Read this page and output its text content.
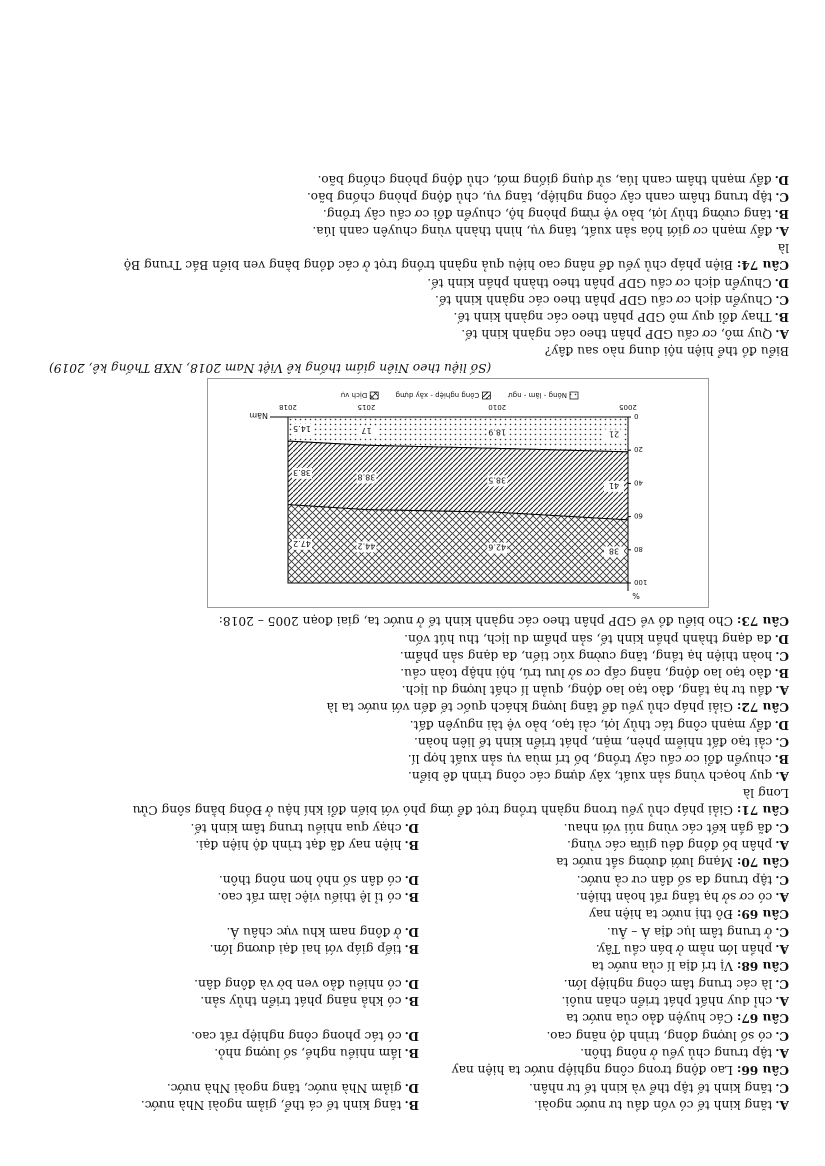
A.tăng kinh tế có vốn đầu tư nước ngoài.
B.tăng kinh tế cá thể, giảm ngoài Nhà nước.
C.tăng kinh tế tập thể và kinh tế tư nhân.
D.giảm Nhà nước, tăng ngoài Nhà nước.
Câu 66: Lao động trong công nghiệp nước ta hiện nay
A.tập trung chủ yếu ở nông thôn.
B.lắm nhiều nghề, số lượng nhỏ.
C.có số lượng đông, trình độ năng cao.
D.có tác phong công nghiệp rất cao.
Câu 67: Các huyện đảo của nước ta
A.chỉ duy nhất phát triển chăn nuôi.
B.có khả năng phát triển thủy sản.
C.là các trung tâm công nghiệp lớn.
D.có nhiều đảo ven bờ và đông dân.
Câu 68: Vị trí địa lí của nước ta
A.phần lớn nằm ở bán cầu Tây.
B.tiếp giáp với hai đại dương lớn.
C.ở trung tâm lục địa Á – Âu.
D.ở đông nam khu vực châu Á.
Câu 69: Đô thị nước ta hiện nay
A.có cơ sở hạ tầng rất hoàn thiện.
B.có tỉ lệ thiếu việc làm rất cao.
C.tập trung đa số dân cư cả nước.
D.có dân số nhỏ hơn nông thôn.
Câu 70: Mạng lưới đường sắt nước ta
A.phân bố đồng đều giữa các vùng.
B.hiện nay đã đạt trình độ hiện đại.
C.đã gắn kết các vùng núi với nhau.
D.chạy qua nhiều trung tâm kinh tế.
Câu 71: Giải pháp chủ yếu trong ngành trồng trọt để ứng phó với biến đổi khí hậu ở Đồng bằng sông Cửu
Long là
A.quy hoạch vùng sản xuất, xây dựng các công trình đê biển.
B.chuyển đổi cơ cấu cây trồng, bố trí mùa vụ sản xuất hợp lí.
C.cải tạo đất nhiễm phèn, mặn, phát triển kinh tế liên hoàn.
D.đẩy mạnh công tác thủy lợi, cải tạo, bảo vệ tài nguyên đất.
Câu 72: Giải pháp chủ yếu để tăng lượng khách quốc tế đến với nước ta là
A.đầu tư hạ tầng, đào tạo lao động, quản lí chất lượng du lịch.
B.đào tạo lao động, nâng cấp cơ sở lưu trú, hội nhập toàn cầu.
C.hoàn thiện hạ tầng, tăng cường xúc tiến, đa dạng sản phẩm.
D.đa dạng thành phần kinh tế, sản phẩm du lịch, thu hút vốn.
Câu 73: Cho biểu đồ về GDP phân theo các ngành kinh tế ở nước ta, giai đoạn 2005 – 2018:
21
18.9
17
14.5
41
38.5
38.8
38.3
38
42.6
44.2
47.2
0
20
40
60
80
100
%
2005
2010
2015
2018
Năm
Nông - lâm - ngư
Công nghiệp - xây dựng
Dịch vụ
(Số liệu theo Niên giám thống kê Việt Nam 2018, NXB Thống kê, 2019)
Biểu đồ thể hiện nội dung nào sau đây?
A.Quy mô, cơ cấu GDP phân theo các ngành kinh tế.
B.Thay đổi quy mô GDP phân theo các ngành kinh tế.
C.Chuyển dịch cơ cấu GDP phân theo các ngành kinh tế.
D.Chuyển dịch cơ cấu GDP phân theo thành phần kinh tế.
Câu 74: Biện pháp chủ yếu để nâng cao hiệu quả ngành trồng trọt ở các đồng bằng ven biển Bắc Trung Bộ
là
A.đẩy mạnh cơ giới hóa sản xuất, tăng vụ, hình thành vùng chuyên canh lúa.
B.tăng cường thủy lợi, bảo vệ rừng phòng hộ, chuyển đổi cơ cấu cây trồng.
C.tập trung thâm canh cây công nghiệp, tăng vụ, chủ động phòng chống bão.
D.đẩy mạnh thâm canh lúa, sử dụng giống mới, chủ động phòng chống bão.
